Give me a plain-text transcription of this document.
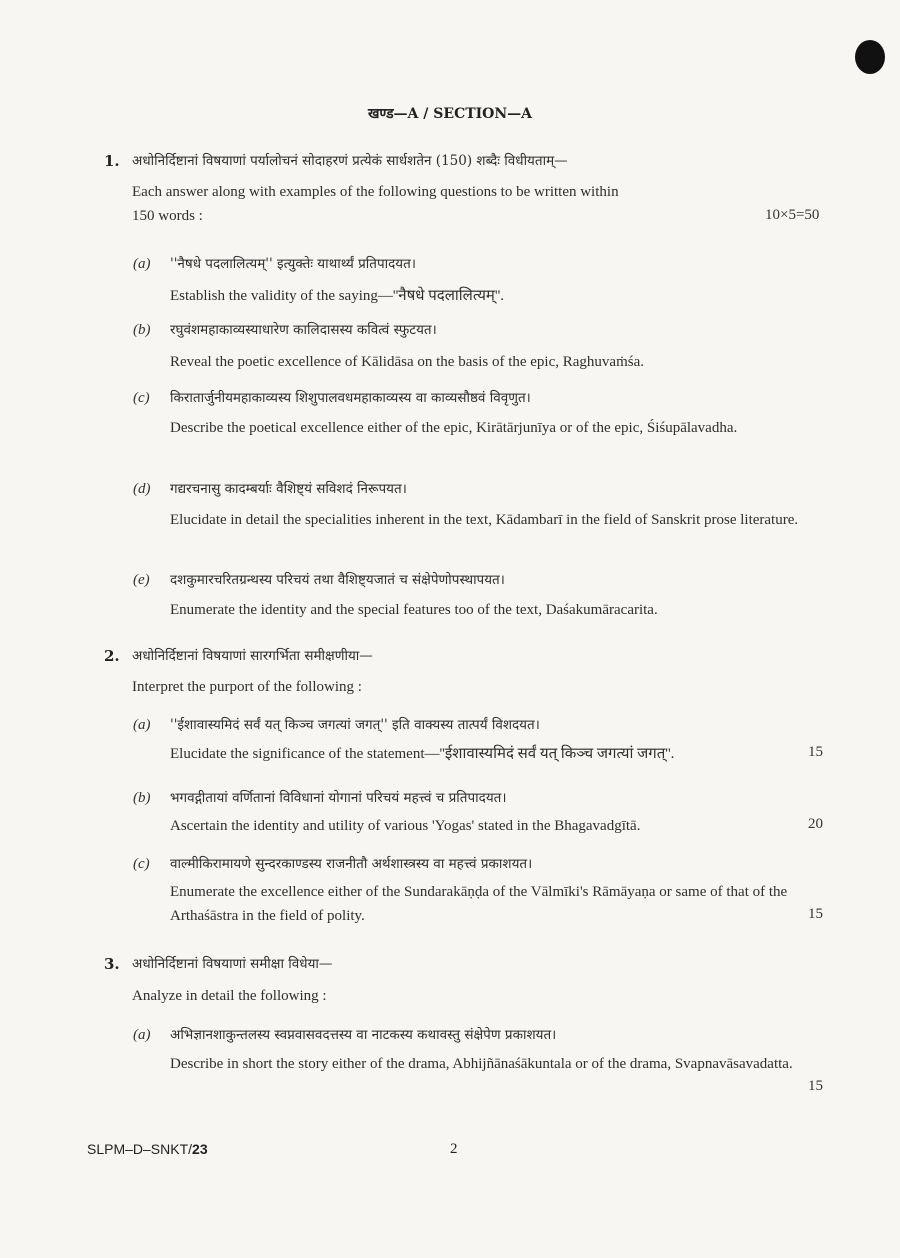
खण्ड—A / SECTION—A
1. अधोनिर्दिष्टानां विषयाणां पर्यालोचनं सोदाहरणं प्रत्येकं सार्धशतेन (150) शब्दैः विधीयताम्—
Each answer along with examples of the following questions to be written within
150 words :	10×5=50
(a) ''नैषधे पदलालित्यम्'' इत्युक्तेः याथार्थ्यं प्रतिपादयत।
Establish the validity of the saying—''नैषधे पदलालित्यम्''.
(b) रघुवंशमहाकाव्यस्याधारेण कालिदासस्य कवित्वं स्फुटयत।
Reveal the poetic excellence of Kālidāsa on the basis of the epic, Raghuvaṁśa.
(c) किरातार्जुनीयमहाकाव्यस्य शिशुपालवधमहाकाव्यस्य वा काव्यसौष्ठवं विवृणुत।
Describe the poetical excellence either of the epic, Kirātārjunīya or of the epic, Śiśupālavadha.
(d) गद्यरचनासु कादम्बर्याः वैशिष्ट्यं सविशदं निरूपयत।
Elucidate in detail the specialities inherent in the text, Kādambarī in the field of Sanskrit prose literature.
(e) दशकुमारचरितग्रन्थस्य परिचयं तथा वैशिष्ट्यजातं च संक्षेपेणोपस्थापयत।
Enumerate the identity and the special features too of the text, Daśakumāracarita.
2. अधोनिर्दिष्टानां विषयाणां सारगर्भिता समीक्षणीया—
Interpret the purport of the following :
(a) ''ईशावास्यमिदं सर्वं यत् किञ्च जगत्यां जगत्'' इति वाक्यस्य तात्पर्यं विशदयत।
Elucidate the significance of the statement—''ईशावास्यमिदं सर्वं यत् किञ्च जगत्यां जगत्''.	15
(b) भगवद्गीतायां वर्णितानां विविधानां योगानां परिचयं महत्त्वं च प्रतिपादयत।
Ascertain the identity and utility of various 'Yogas' stated in the Bhagavadgītā.	20
(c) वाल्मीकिरामायणे सुन्दरकाण्डस्य राजनीतौ अर्थशास्त्रस्य वा महत्त्वं प्रकाशयत।
Enumerate the excellence either of the Sundarakāṇḍa of the Vālmīki's Rāmāyaṇa or same of that of the Arthaśāstra in the field of polity.	15
3. अधोनिर्दिष्टानां विषयाणां समीक्षा विधेया—
Analyze in detail the following :
(a) अभिज्ञानशाकुन्तलस्य स्वप्नवासवदत्तस्य वा नाटकस्य कथावस्तु संक्षेपेण प्रकाशयत।
Describe in short the story either of the drama, Abhijñānaśākuntala or of the drama, Svapnavāsavadatta.
15
SLPM–D–SNKT/23	2
